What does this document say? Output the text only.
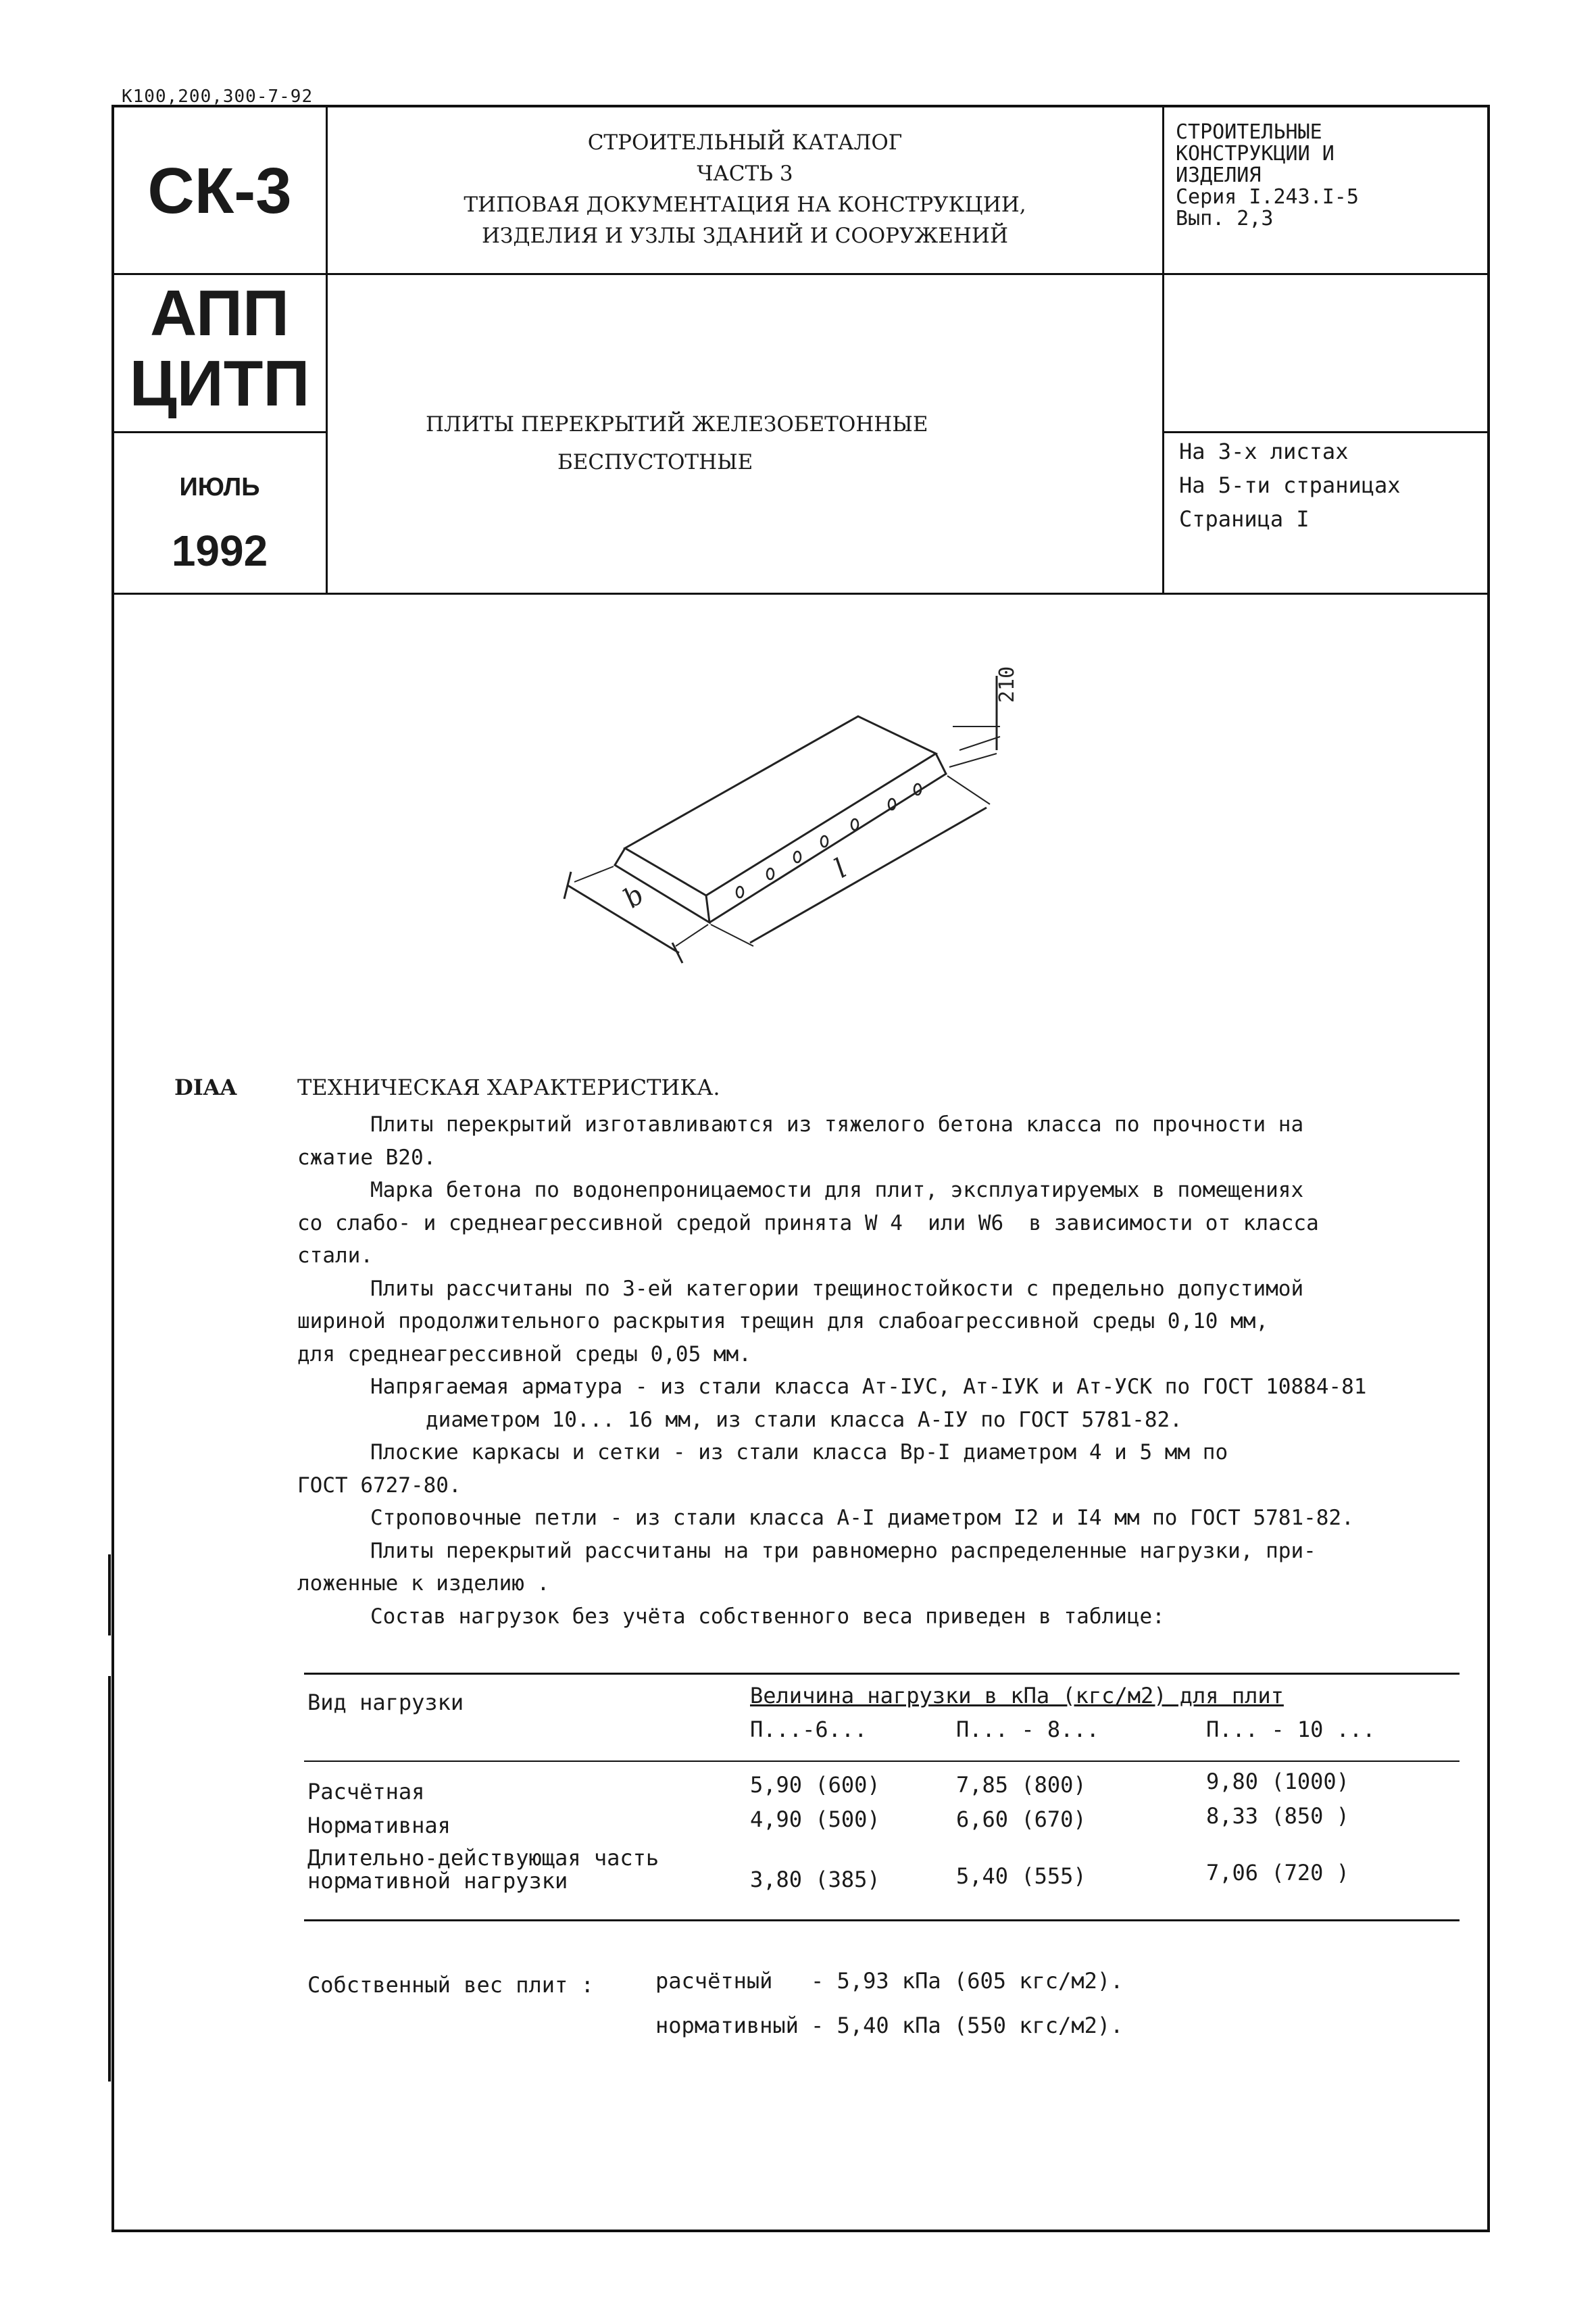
К100,200,300-7-92
СК-3
АПП
ЦИТП
ИЮЛЬ
1992
СТРОИТЕЛЬНЫЙ КАТАЛОГ
ЧАСТЬ 3
ТИПОВАЯ ДОКУМЕНТАЦИЯ НА КОНСТРУКЦИИ,
ИЗДЕЛИЯ И УЗЛЫ ЗДАНИЙ И СООРУЖЕНИЙ
ПЛИТЫ ПЕРЕКРЫТИЙ ЖЕЛЕЗОБЕТОННЫЕ
БЕСПУСТОТНЫЕ
СТРОИТЕЛЬНЫЕ
КОНСТРУКЦИИ И
ИЗДЕЛИЯ
Серия I.243.I-5
Вып. 2,3
На 3-х листах
На 5-ти страницах
Страница I
210
b
l
DIAA	ТЕХНИЧЕСКАЯ ХАРАКТЕРИСТИКА.
Плиты перекрытий изготавливаются из тяжелого бетона класса по прочности на
сжатие B20.
Марка бетона по водонепроницаемости для плит, эксплуатируемых в помещениях
со слабо- и среднеагрессивной средой принята W 4  или W6  в зависимости от класса
стали.
Плиты рассчитаны по 3-ей категории трещиностойкости с предельно допустимой
шириной продолжительного раскрытия трещин для слабоагрессивной среды 0,10 мм,
для среднеагрессивной среды 0,05 мм.
Напрягаемая арматура - из стали класса Ат-IУС, Ат-IУК и Ат-УСК по ГОСТ 10884-81
диаметром 10... 16 мм, из стали класса А-IУ по ГОСТ 5781-82.
Плоские каркасы и сетки - из стали класса Вр-I диаметром 4 и 5 мм по
ГОСТ 6727-80.
Строповочные петли - из стали класса А-I диаметром I2 и I4 мм по ГОСТ 5781-82.
Плиты перекрытий рассчитаны на три равномерно распределенные нагрузки, при-
ложенные к изделию .
Состав нагрузок без учёта собственного веса приведен в таблице:
Вид нагрузки	Величина нагрузки в кПа (кгс/м2) для плит
П...-6...	П... - 8...	П... - 10 ...
Расчётная	5,90 (600)	7,85 (800)	9,80 (1000)
Нормативная	4,90 (500)	6,60 (670)	8,33 (850 )
Длительно-действующая часть
нормативной нагрузки	3,80 (385)	5,40 (555)	7,06 (720 )
Собственный вес плит :	расчётный - 5,93 кПа (605 кгс/м2).
нормативный - 5,40 кПа (550 кгс/м2).
